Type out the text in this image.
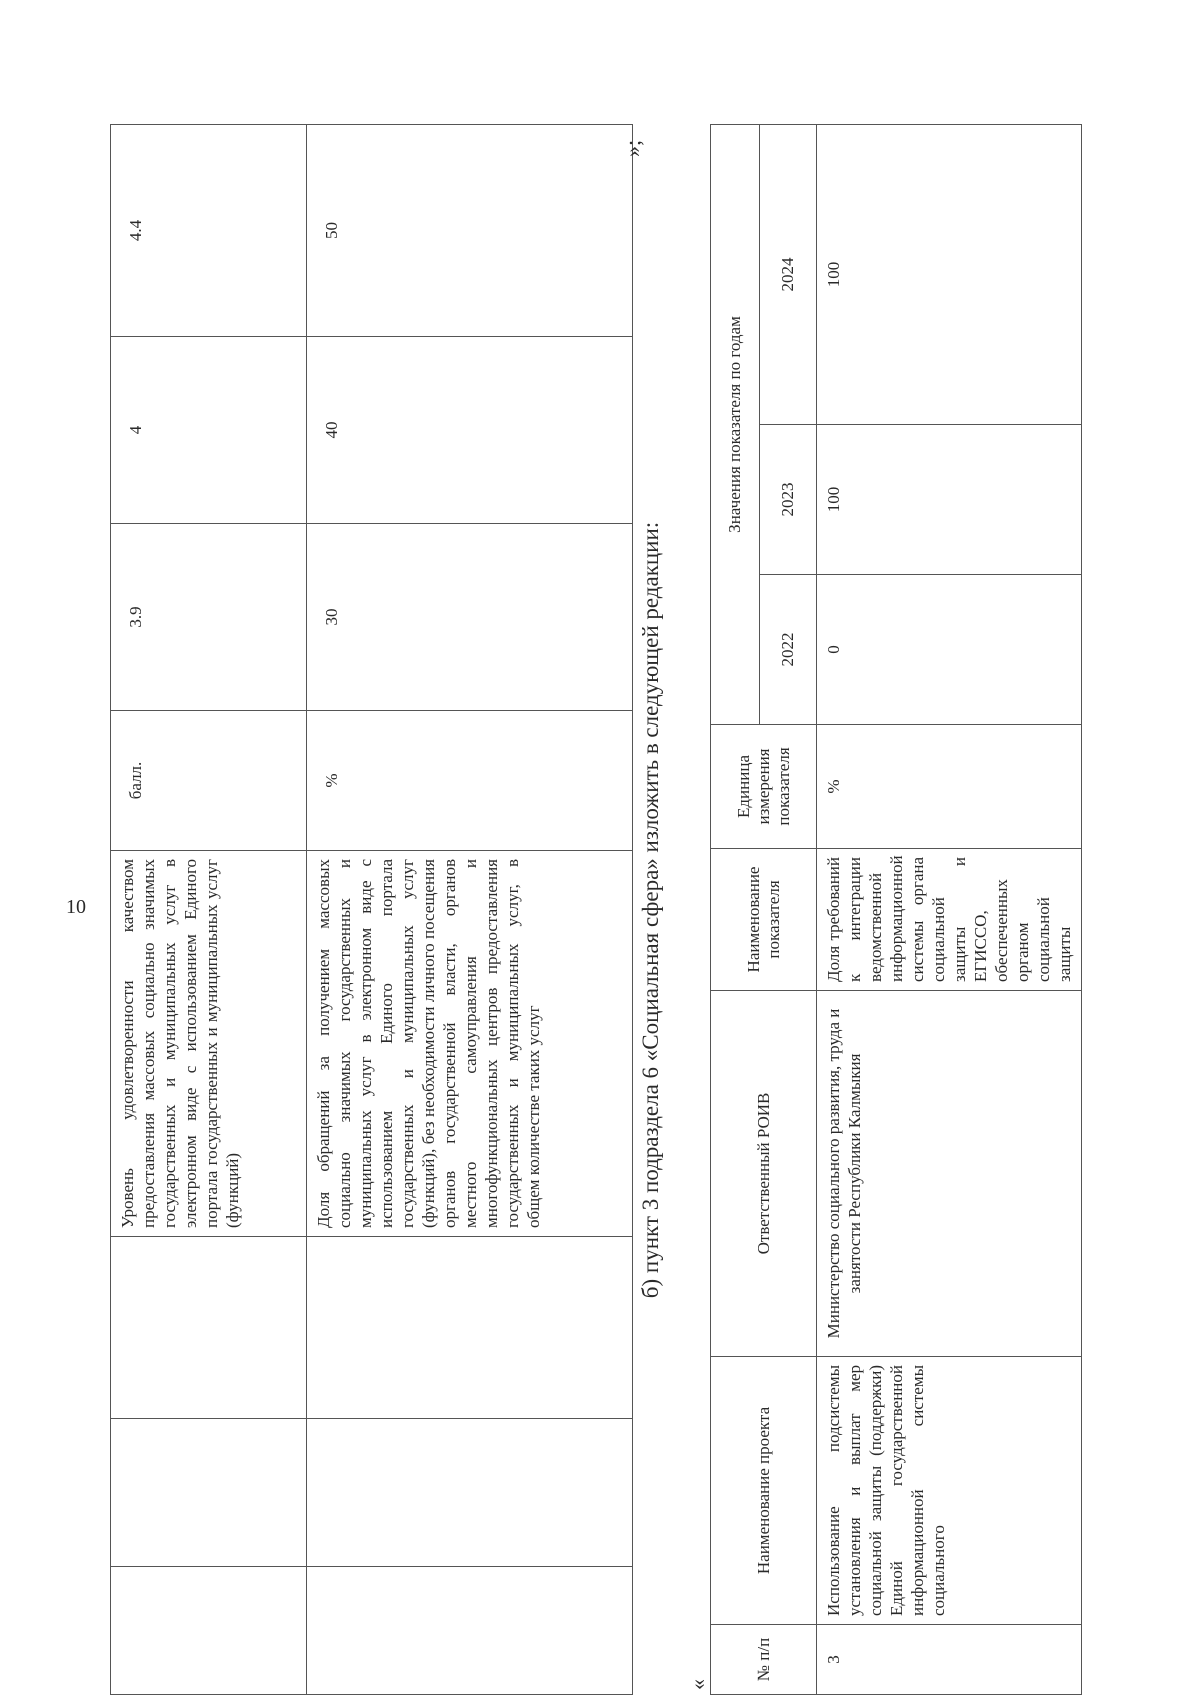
10
			Уровень удовлетворенности качеством предоставления массовых социально значимых государственных и муниципальных услуг в электронном виде с использованием Единого портала государственных и муниципальных услуг (функций)	балл.	3.9	4	4.4
			Доля обращений за получением массовых социально значимых государственных и муниципальных услуг в электронном виде с использованием Единого портала государственных и муниципальных услуг (функций), без необходимости личного посещения органов государственной власти, органов местного самоуправления и многофункциональных центров предоставления государственных и муниципальных услуг, в общем количестве таких услуг	%	30	40	50
»;
б) пункт 3 подраздела 6 «Социальная сфера» изложить в следующей редакции:
«
№ п/п	Наименование проекта	Ответственный РОИВ	Наименование показателя	Единица измерения показателя	Значения показателя по годам		
					2022	2023	2024
3	Использование подсистемы установления и выплат мер социальной защиты (поддержки) Единой государственной информационной системы социального	Министерство социального развития, труда и занятости Республики Калмыкия	Доля требований к интеграции ведомственной информационной системы органа социальной защиты и ЕГИССО, обеспеченных органом социальной защиты	%	0	100	100
